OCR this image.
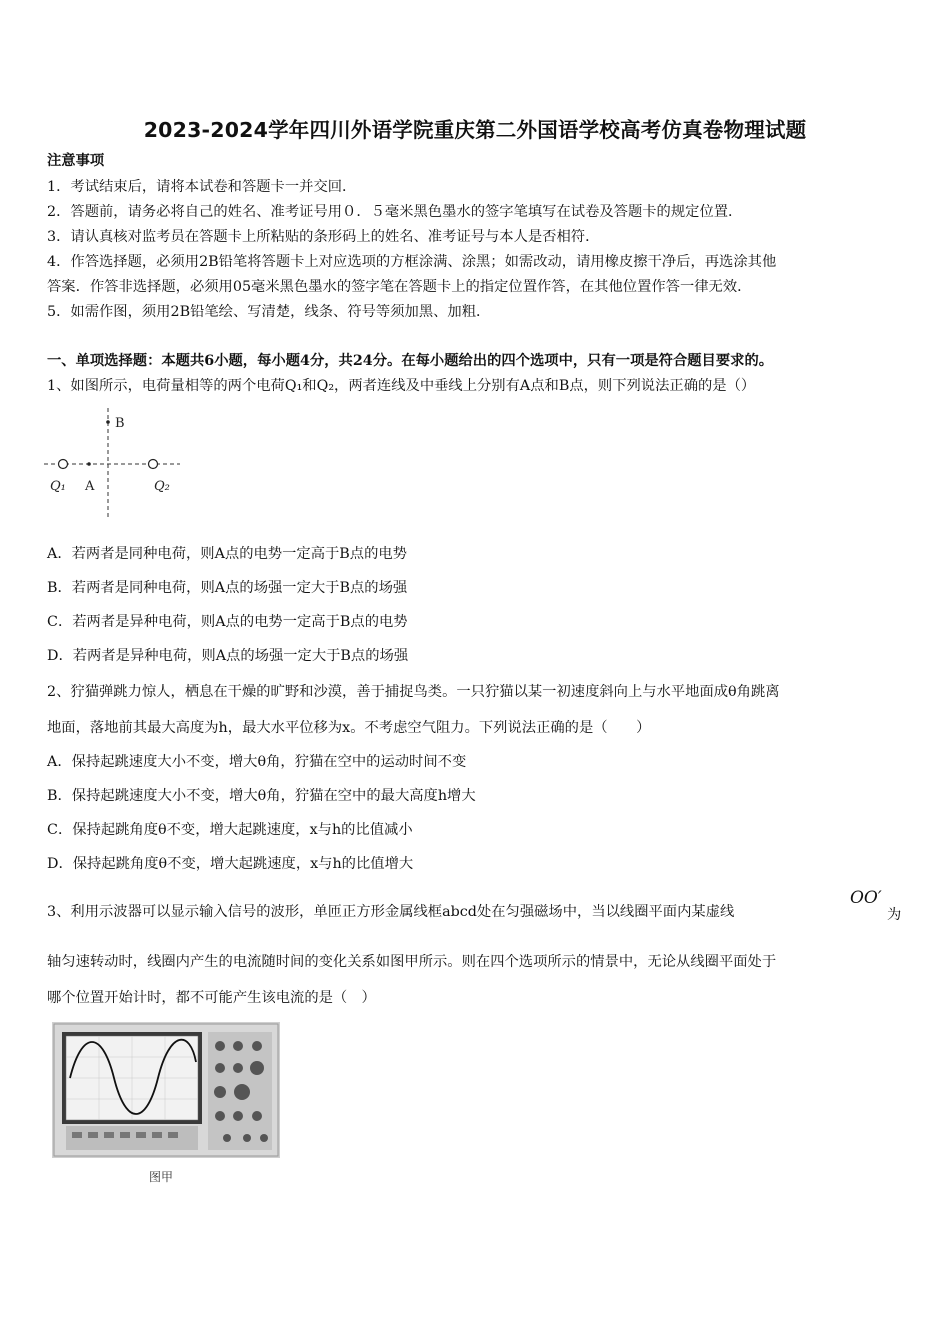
2023-2024学年四川外语学院重庆第二外国语学校高考仿真卷物理试题
注意事项
1．考试结束后，请将本试卷和答题卡一并交回．
2．答题前，请务必将自己的姓名、准考证号用０．５毫米黑色墨水的签字笔填写在试卷及答题卡的规定位置．
3．请认真核对监考员在答题卡上所粘贴的条形码上的姓名、准考证号与本人是否相符．
4．作答选择题，必须用2B铅笔将答题卡上对应选项的方框涂满、涂黑；如需改动，请用橡皮擦干净后，再选涂其他
答案．作答非选择题，必须用05毫米黑色墨水的签字笔在答题卡上的指定位置作答，在其他位置作答一律无效．
5．如需作图，须用2B铅笔绘、写清楚，线条、符号等须加黑、加粗．
一、单项选择题：本题共6小题，每小题4分，共24分。在每小题给出的四个选项中，只有一项是符合题目要求的。
1、如图所示，电荷量相等的两个电荷Q₁和Q₂，两者连线及中垂线上分别有A点和B点，则下列说法正确的是（）
B
A
Q₁	Q₂
A．若两者是同种电荷，则A点的电势一定高于B点的电势
B．若两者是同种电荷，则A点的场强一定大于B点的场强
C．若两者是异种电荷，则A点的电势一定高于B点的电势
D．若两者是异种电荷，则A点的场强一定大于B点的场强
2、狞猫弹跳力惊人，栖息在干燥的旷野和沙漠，善于捕捉鸟类。一只狞猫以某一初速度斜向上与水平地面成θ角跳离
地面，落地前其最大高度为h，最大水平位移为x。不考虑空气阻力。下列说法正确的是（　　）
A．保持起跳速度大小不变，增大θ角，狞猫在空中的运动时间不变
B．保持起跳速度大小不变，增大θ角，狞猫在空中的最大高度h增大
C．保持起跳角度θ不变，增大起跳速度，x与h的比值减小
D．保持起跳角度θ不变，增大起跳速度，x与h的比值增大
3、利用示波器可以显示输入信号的波形，单匝正方形金属线框abcd处在匀强磁场中，当以线圈平面内某虚线
OO′
为
轴匀速转动时，线圈内产生的电流随时间的变化关系如图甲所示。则在四个选项所示的情景中，无论从线圈平面处于
哪个位置开始计时，都不可能产生该电流的是（　）
图甲
